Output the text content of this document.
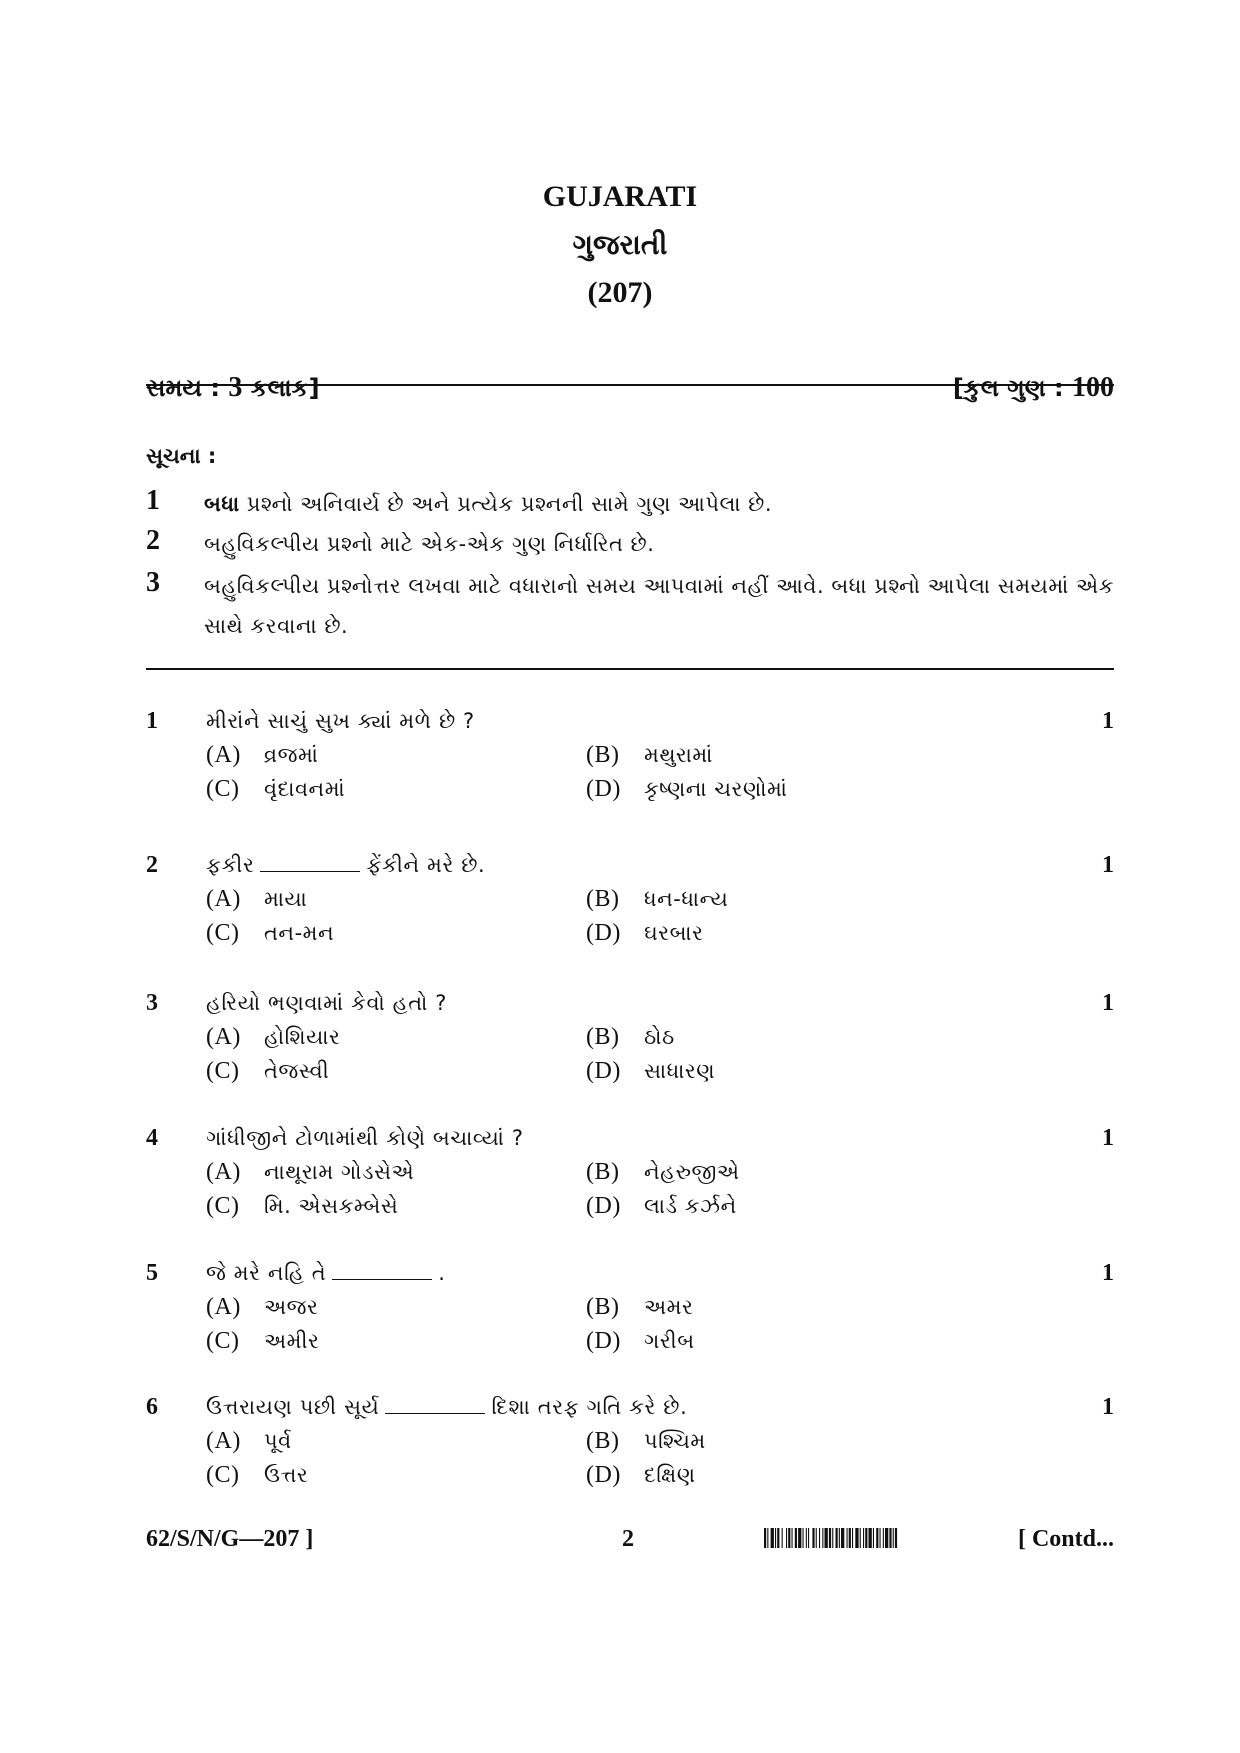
GUJARATI
ગુજરાતી
(207)
સમય : 3 કલાક]	[કુલ ગુણ : 100
સૂચના :
1 બધા પ્રશ્નો અનિવાર્ય છે અને પ્રત્યેક પ્રશ્નની સામે ગુણ આપેલા છે.
2 બહુવિકલ્પીય પ્રશ્નો માટે એક-એક ગુણ નિર્ધારિત છે.
3 બહુવિકલ્પીય પ્રશ્નોત્તર લખવા માટે વધારાનો સમય આપવામાં નહીં આવે. બધા પ્રશ્નો આપેલા સમયમાં એક સાથે કરવાના છે.
1 મીરાંને સાચું સુખ ક્યાં મળે છે ?	1
(A) વ્રજમાં	(B) મથુરામાં
(C) વૃંદાવનમાં	(D) કૃષ્ણના ચરણોમાં
2 ફકીર	ફેંકીને મરે છે.	1
(A) માયા	(B) ધન-ધાન્ય
(C) તન-મન	(D) ઘરબાર
3 હરિયો ભણવામાં કેવો હતો ?	1
(A) હોશિયાર	(B) ઠોઠ
(C) તેજસ્વી	(D) સાધારણ
4 ગાંધીજીને ટોળામાંથી કોણે બચાવ્યાં ?	1
(A) નાથૂરામ ગોડસેએ	(B) નેહરુજીએ
(C) મિ. એસકમ્બેસે	(D) લાર્ડ કર્ઝને
5 જે મરે નહિ તે	.	1
(A) અજર	(B) અમર
(C) અમીર	(D) ગરીબ
6 ઉત્તરાયણ પછી સૂર્ય	દિશા તરફ ગતિ કરે છે.	1
(A) પૂર્વ	(B) પશ્ચિમ
(C) ઉત્તર	(D) દક્ષિણ
62/S/N/G—207 ]	2	[ Contd...
